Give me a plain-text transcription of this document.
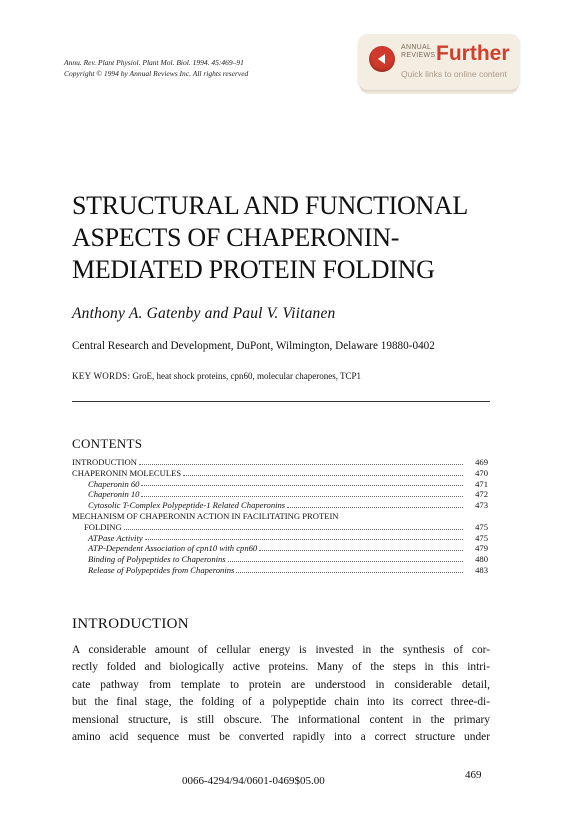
Annu. Rev. Plant Physiol. Plant Mol. Biol. 1994. 45:469–91
Copyright © 1994 by Annual Reviews Inc. All rights reserved
ANNUAL
REVIEWS Further
Quick links to online content
STRUCTURAL AND FUNCTIONAL
ASPECTS OF CHAPERONIN-
MEDIATED PROTEIN FOLDING
Anthony A. Gatenby and Paul V. Viitanen
Central Research and Development, DuPont, Wilmington, Delaware 19880-0402
KEY WORDS: GroE, heat shock proteins, cpn60, molecular chaperones, TCP1
CONTENTS
INTRODUCTION	469
CHAPERONIN MOLECULES	470
Chaperonin 60	471
Chaperonin 10	472
Cytosolic T-Complex Polypeptide-1 Related Chaperonins	473
MECHANISM OF CHAPERONIN ACTION IN FACILITATING PROTEIN
FOLDING	475
ATPase Activity	475
ATP-Dependent Association of cpn10 with cpn60	479
Binding of Polypeptides to Chaperonins	480
Release of Polypeptides from Chaperonins	483
INTRODUCTION
A considerable amount of cellular energy is invested in the synthesis of cor-
rectly folded and biologically active proteins. Many of the steps in this intri-
cate pathway from template to protein are understood in considerable detail,
but the final stage, the folding of a polypeptide chain into its correct three-di-
mensional structure, is still obscure. The informational content in the primary
amino acid sequence must be converted rapidly into a correct structure under
0066-4294/94/0601-0469$05.00	469
